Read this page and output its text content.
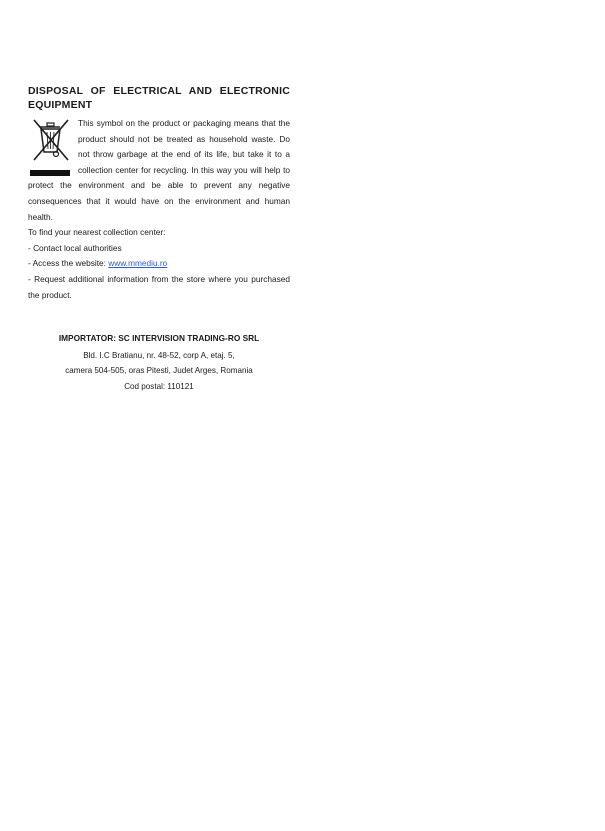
DISPOSAL OF ELECTRICAL AND ELECTRONIC

EQUIPMENT

This symbol on the product or packaging means that the product should not be treated as household waste. Do not throw garbage at the end of its life, but take it to a collection center for recycling. In this way you will help to protect the environment and be able to prevent any negative consequences that it would have on the environment and human health.

To find your nearest collection center:

- Contact local authorities

- Access the website: www.mmediu.ro

- Request additional information from the store where you purchased the product.

IMPORTATOR: SC INTERVISION TRADING-RO SRL

Bld. I.C Bratianu, nr. 48-52, corp A, etaj. 5,

camera 504-505, oras Pitesti, Judet Arges, Romania

Cod postal: 110121
